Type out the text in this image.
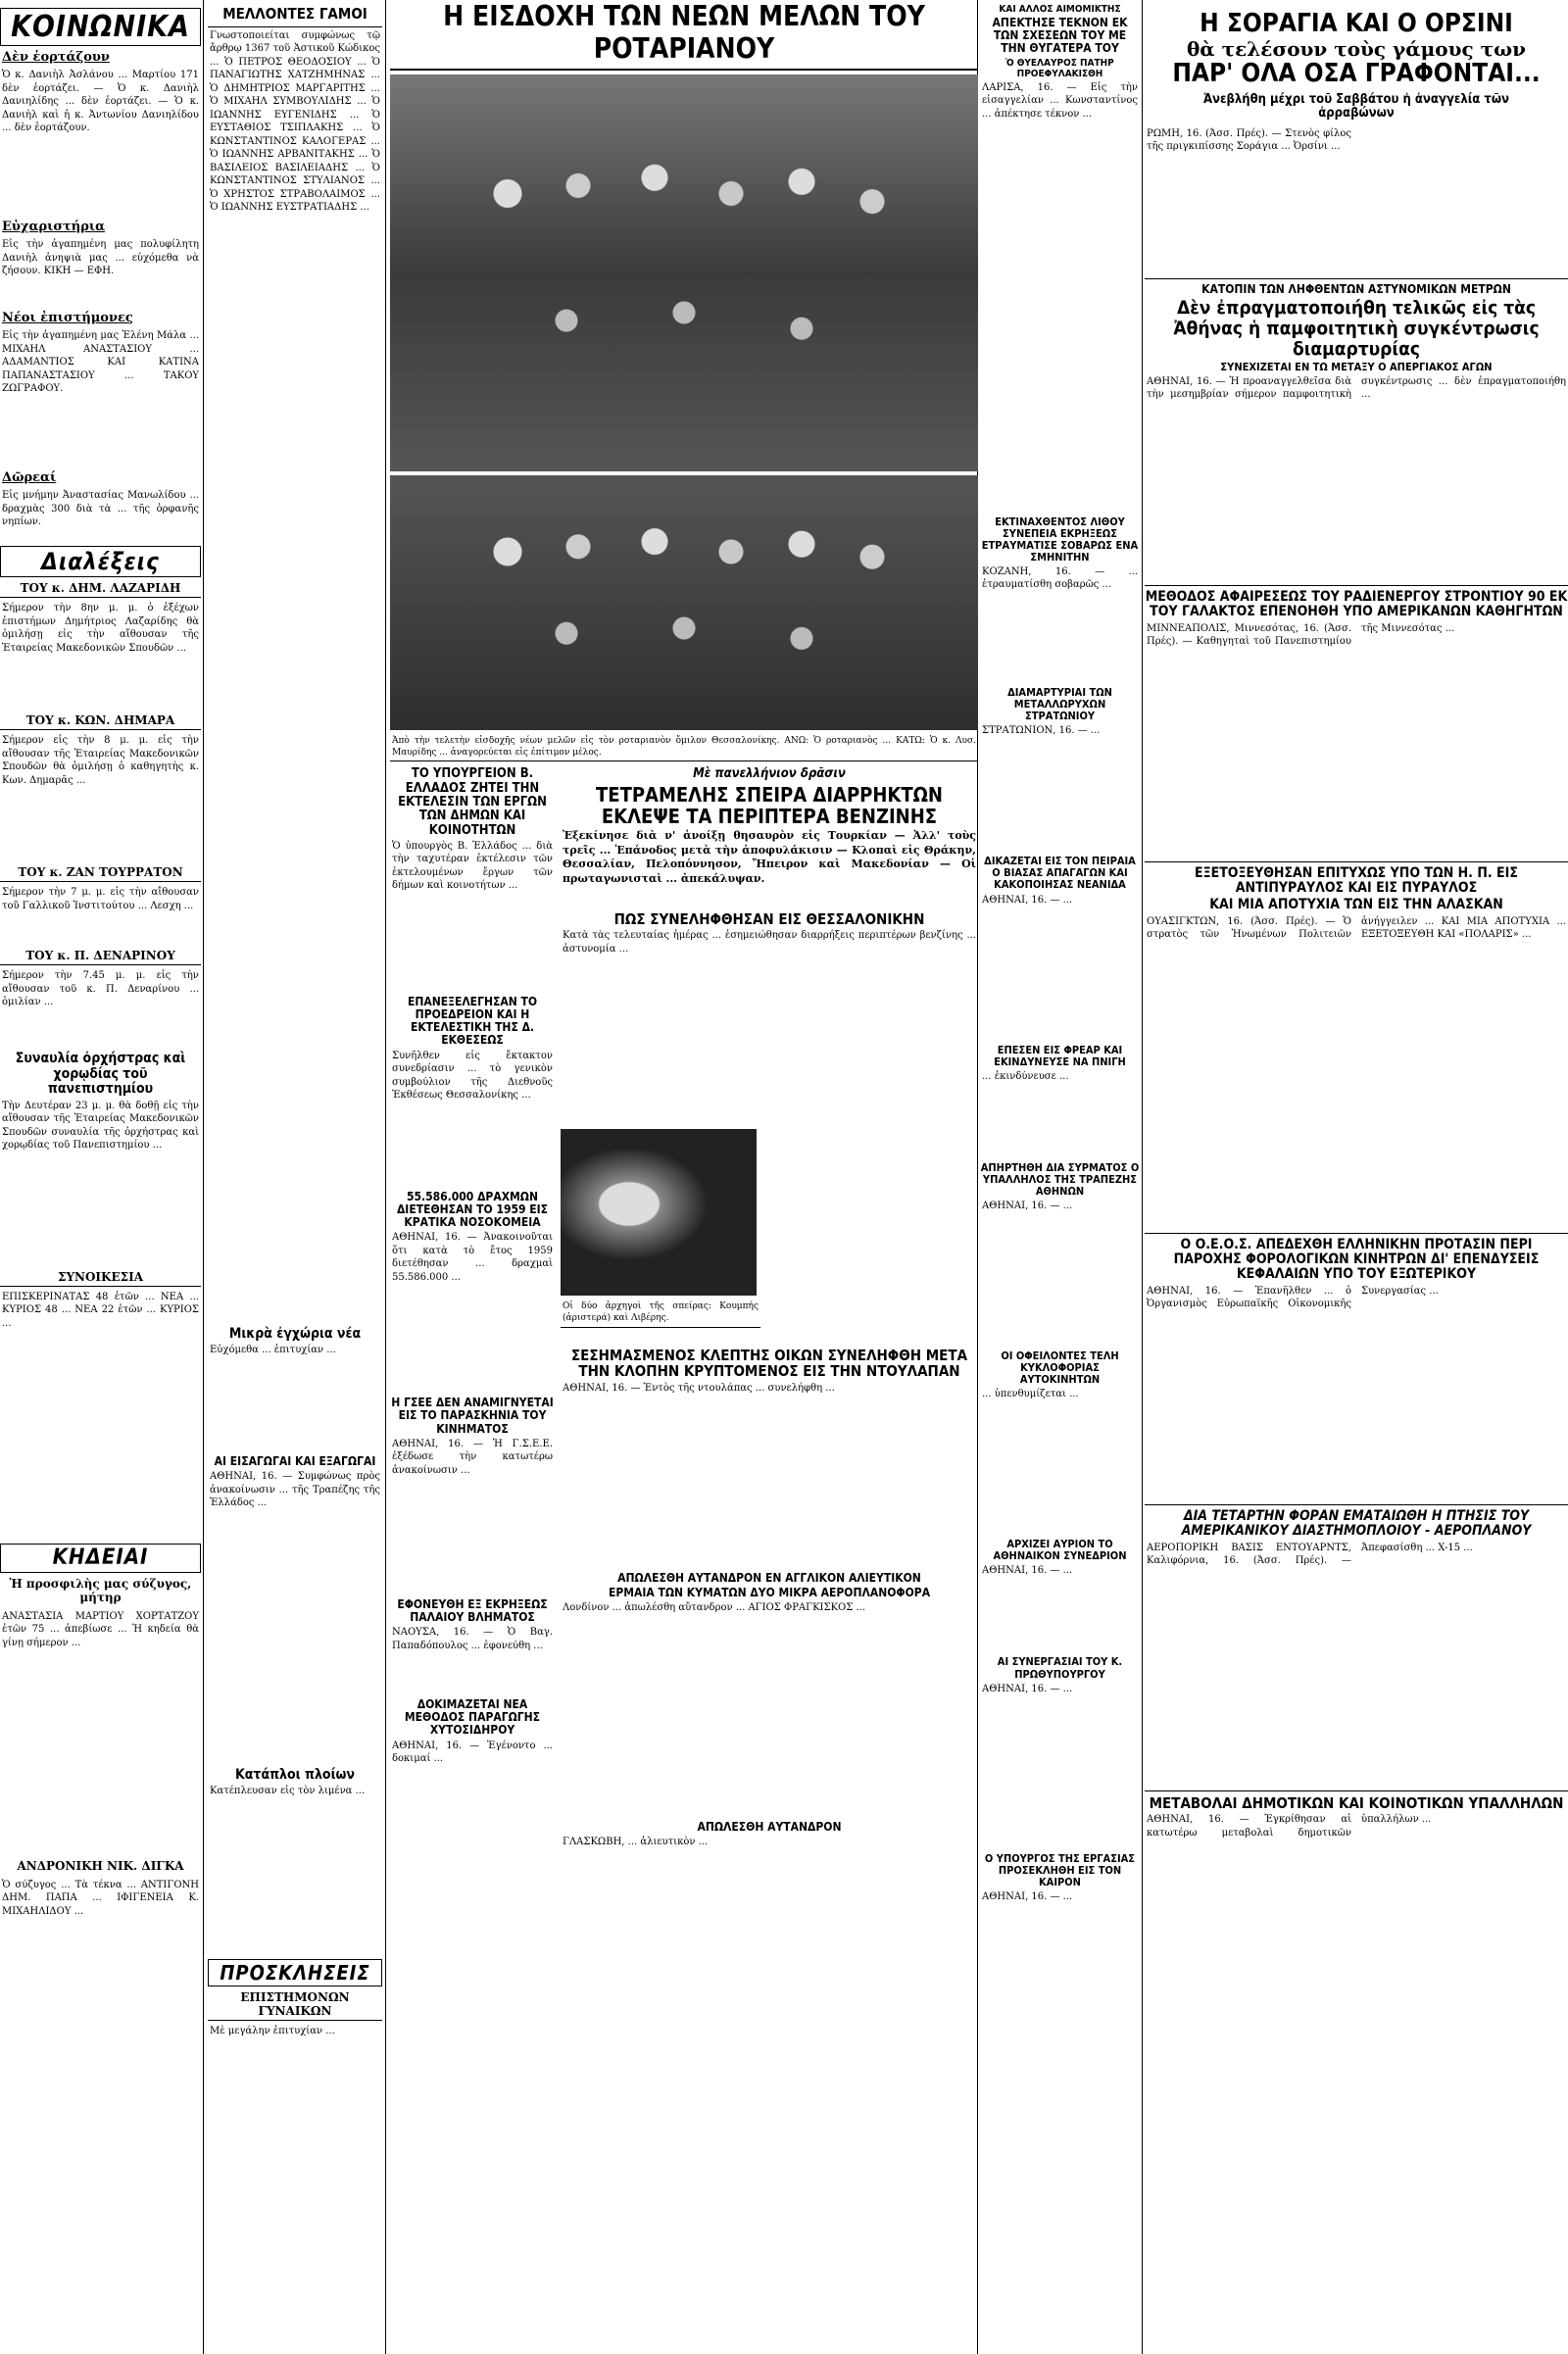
ΚΟΙΝΩΝΙΚΑ
Δὲν ἑορτάζουν

Ὁ κ. Δανιὴλ Ἀσλάνου ... Μαρτίου 171 δὲν ἑορτάζει. — Ὁ κ. Δανιὴλ Δανιηλίδης ... δὲν ἑορτάζει. — Ὁ κ. Δανιὴλ καὶ ἡ κ. Ἀντωνίου Δανιηλίδου ... δὲν ἑορτάζουν.

Εὐχαριστήρια

Εἰς τὴν ἀγαπημένη μας πολυφίλητη Δανιὴλ ἀνηψιὰ μας ... εὐχόμεθα νὰ ζήσουν. ΚΙΚΗ — ΕΦΗ.

Νέοι ἐπιστήμονες

Εἰς τὴν ἀγαπημένη μας Ἑλένη Μάλα ... ΜΙΧΑΗΛ ΑΝΑΣΤΑΣΙΟΥ ... ΑΔΑΜΑΝΤΙΟΣ ΚΑΙ ΚΑΤΙΝΑ ΠΑΠΑΝΑΣΤΑΣΙΟΥ ... ΤΑΚΟΥ ΖΩΓΡΑΦΟΥ.

Δῶρεαί

Εἰς μνήμην Ἀναστασίας Μανωλίδου ... δραχμὰς 300 διὰ τὰ ... τῆς ὀρφανῆς νηπίων.

Διαλέξεις
ΤΟΥ κ. ΔΗΜ. ΛΑΖΑΡΙΔΗ

Σήμερον τὴν 8ην μ. μ. ὁ ἐξέχων ἐπιστήμων Δημήτριος Λαζαρίδης θὰ ὁμιλήσῃ εἰς τὴν αἴθουσαν τῆς Ἑταιρείας Μακεδονικῶν Σπουδῶν ...

ΤΟΥ κ. ΚΩΝ. ΔΗΜΑΡΑ

Σήμερον εἰς τὴν 8 μ. μ. εἰς τὴν αἴθουσαν τῆς Ἑταιρείας Μακεδονικῶν Σπουδῶν θὰ ὁμιλήσῃ ὁ καθηγητὴς κ. Κων. Δημαρᾶς ...

ΤΟΥ κ. ΖΑΝ ΤΟΥΡΡΑΤΟΝ

Σήμερον τὴν 7 μ. μ. εἰς τὴν αἴθουσαν τοῦ Γαλλικοῦ Ἰνστιτούτου ... Λεσχη ...

ΤΟΥ κ. Π. ΔΕΝΑΡΙΝΟΥ

Σήμερον τὴν 7.45 μ. μ. εἰς τὴν αἴθουσαν τοῦ κ. Π. Δεναρίνου ... ὁμιλίαν ...

Συναυλία ὀρχήστρας καὶ χορῳδίας τοῦ πανεπιστημίου

Τὴν Δευτέραν 23 μ. μ. θὰ δοθῇ εἰς τὴν αἴθουσαν τῆς Ἑταιρείας Μακεδονικῶν Σπουδῶν συναυλία τῆς ὀρχήστρας καὶ χορῳδίας τοῦ Πανεπιστημίου ...

ΣΥΝΟΙΚΕΣΙΑ

ΕΠΙΣΚΕΡΙΝΑΤΑΣ 48 ἐτῶν ... ΝΕΑ ... ΚΥΡΙΟΣ 48 ... ΝΕΑ 22 ἐτῶν ... ΚΥΡΙΟΣ ...

ΚΗΔΕΙΑΙ
Ἡ προσφιλὴς μας σύζυγος, μήτηρ

ΑΝΑΣΤΑΣΙΑ ΜΑΡΤΙΟΥ ΧΟΡΤΑΤΖΟΥ ἐτῶν 75 ... ἀπεβίωσε ... Ἡ κηδεία θὰ γίνῃ σήμερον ...

ΑΝΔΡΟΝΙΚΗ ΝΙΚ. ΔΙΓΚΑ

Ὁ σύζυγος ... Τὰ τέκνα ... ΑΝΤΙΓΟΝΗ ΔΗΜ. ΠΑΠΑ ... ΙΦΙΓΕΝΕΙΑ Κ. ΜΙΧΑΗΛΙΔΟΥ ...

ΜΕΛΛΟΝΤΕΣ ΓΑΜΟΙ

Γνωστοποιείται συμφώνως τῷ ἄρθρῳ 1367 τοῦ Ἀστικοῦ Κώδικος ... Ὁ ΠΕΤΡΟΣ ΘΕΟΔΟΣΙΟΥ ... Ὁ ΠΑΝΑΓΙΩΤΗΣ ΧΑΤΖΗΜΗΝΑΣ ... Ὁ ΔΗΜΗΤΡΙΟΣ ΜΑΡΓΑΡΙΤΗΣ ... Ὁ ΜΙΧΑΗΛ ΣΥΜΒΟΥΛΙΔΗΣ ... Ὁ ΙΩΑΝΝΗΣ ΕΥΓΕΝΙΔΗΣ ... Ὁ ΕΥΣΤΑΘΙΟΣ ΤΣΙΠΛΑΚΗΣ ... Ὁ ΚΩΝΣΤΑΝΤΙΝΟΣ ΚΑΛΟΓΕΡΑΣ ... Ὁ ΙΩΑΝΝΗΣ ΑΡΒΑΝΙΤΑΚΗΣ ... Ὁ ΒΑΣΙΛΕΙΟΣ ΒΑΣΙΛΕΙΑΔΗΣ ... Ὁ ΚΩΝΣΤΑΝΤΙΝΟΣ ΣΤΥΛΙΑΝΟΣ ... Ὁ ΧΡΗΣΤΟΣ ΣΤΡΑΒΟΛΑΙΜΟΣ ... Ὁ ΙΩΑΝΝΗΣ ΕΥΣΤΡΑΤΙΑΔΗΣ ...

Μικρὰ ἐγχώρια νέα

Εὐχόμεθα ... ἐπιτυχίαν ...

ΑΙ ΕΙΣΑΓΩΓΑΙ ΚΑΙ ΕΞΑΓΩΓΑΙ

ΑΘΗΝΑΙ, 16. — Συμφώνως πρὸς ἀνακοίνωσιν ... τῆς Τραπέζης τῆς Ἑλλάδος ...

Κατάπλοι πλοίων

Κατέπλευσαν εἰς τὸν λιμένα ...

ΠΡΟΣΚΛΗΣΕΙΣ
ΕΠΙΣΤΗΜΟΝΩΝ ΓΥΝΑΙΚΩΝ

Μὲ μεγάλην ἐπιτυχίαν ...

Η ΕΙΣΔΟΧΗ ΤΩΝ ΝΕΩΝ ΜΕΛΩΝ ΤΟΥ ΡΟΤΑΡΙΑΝΟΥ
Ἀπὸ τὴν τελετὴν εἰσδοχῆς νέων μελῶν εἰς τὸν ροταριανὸν ὅμιλον Θεσσαλονίκης. ΑΝΩ: Ὁ ροταριανὸς ... ΚΑΤΩ: Ὁ κ. Λυσ. Μαυρίδης ... ἀναγορεύεται εἰς ἐπίτιμον μέλος.
ΤΟ ΥΠΟΥΡΓΕΙΟΝ Β. ΕΛΛΑΔΟΣ ΖΗΤΕΙ ΤΗΝ ΕΚΤΕΛΕΣΙΝ ΤΩΝ ΕΡΓΩΝ ΤΩΝ ΔΗΜΩΝ ΚΑΙ ΚΟΙΝΟΤΗΤΩΝ

Ὁ ὑπουργὸς Β. Ἑλλάδος ... διὰ τὴν ταχυτέραν ἐκτέλεσιν τῶν ἐκτελουμένων ἔργων τῶν δήμων καὶ κοινοτήτων ...

ΕΠΑΝΕΞΕΛΕΓΗΣΑΝ ΤΟ ΠΡΟΕΔΡΕΙΟΝ ΚΑΙ Η ΕΚΤΕΛΕΣΤΙΚΗ ΤΗΣ Δ. ΕΚΘΕΣΕΩΣ

Συνῆλθεν εἰς ἔκτακτον συνεδρίασιν ... τὸ γενικὸν συμβούλιον τῆς Διεθνοῦς Ἐκθέσεως Θεσσαλονίκης ...

55.586.000 ΔΡΑΧΜΩΝ ΔΙΕΤΕΘΗΣΑΝ ΤΟ 1959 ΕΙΣ ΚΡΑΤΙΚΑ ΝΟΣΟΚΟΜΕΙΑ

ΑΘΗΝΑΙ, 16. — Ἀνακοινοῦται ὅτι κατὰ τὸ ἔτος 1959 διετέθησαν ... δραχμαὶ 55.586.000 ...

Η ΓΣΕΕ ΔΕΝ ΑΝΑΜΙΓΝΥΕΤΑΙ ΕΙΣ ΤΟ ΠΑΡΑΣΚΗΝΙΑ ΤΟΥ ΚΙΝΗΜΑΤΟΣ

ΑΘΗΝΑΙ, 16. — Ἡ Γ.Σ.Ε.Ε. ἐξέδωσε τὴν κατωτέρω ἀνακοίνωσιν ...

ΕΦΟΝΕΥΘΗ ΕΞ ΕΚΡΗΞΕΩΣ ΠΑΛΑΙΟΥ ΒΛΗΜΑΤΟΣ

ΝΑΟΥΣΑ, 16. — Ὁ Βαγ. Παπαδόπουλος ... ἐφονεύθη ...

ΔΟΚΙΜΑΖΕΤΑΙ ΝΕΑ ΜΕΘΟΔΟΣ ΠΑΡΑΓΩΓΗΣ ΧΥΤΟΣΙΔΗΡΟΥ

ΑΘΗΝΑΙ, 16. — Ἐγένοντο ... δοκιμαί ...

Μὲ πανελλήνιον δρᾶσιν
ΤΕΤΡΑΜΕΛΗΣ ΣΠΕΙΡΑ ΔΙΑΡΡΗΚΤΩΝ ΕΚΛΕΨΕ ΤΑ ΠΕΡΙΠΤΕΡΑ ΒΕΝΖΙΝΗΣ

Ἐξεκίνησε διὰ ν' ἀνοίξῃ θησαυρὸν εἰς Τουρκίαν — Ἀλλ' τοὺς τρεῖς ... Ἐπάνοδος μετὰ τὴν ἀποφυλάκισιν — Κλοπαὶ εἰς Θράκην, Θεσσαλίαν, Πελοπόννησον, Ἤπειρον καὶ Μακεδονίαν — Οἱ πρωταγωνισταὶ ... ἀπεκάλυψαν.

ΠΩΣ ΣΥΝΕΛΗΦΘΗΣΑΝ ΕΙΣ ΘΕΣΣΑΛΟΝΙΚΗΝ

Κατὰ τὰς τελευταίας ἡμέρας ... ἐσημειώθησαν διαρρήξεις περιπτέρων βενζίνης ... ἀστυνομία ...

Οἱ δύο ἀρχηγοὶ τῆς σπείρας: Κουμπής (ἀριστερά) καὶ Λιβέρης.
ΣΕΣΗΜΑΣΜΕΝΟΣ ΚΛΕΠΤΗΣ ΟΙΚΩΝ ΣΥΝΕΛΗΦΘΗ ΜΕΤΑ ΤΗΝ ΚΛΟΠΗΝ ΚΡΥΠΤΟΜΕΝΟΣ ΕΙΣ ΤΗΝ ΝΤΟΥΛΑΠΑΝ

ΑΘΗΝΑΙ, 16. — Ἐντὸς τῆς ντουλάπας ... συνελήφθη ...

ΑΠΩΛΕΣΘΗ ΑΥΤΑΝΔΡΟΝ ΕΝ ΑΓΓΛΙΚΟΝ ΑΛΙΕΥΤΙΚΟΝ
ΕΡΜΑΙΑ ΤΩΝ ΚΥΜΑΤΩΝ ΔΥΟ ΜΙΚΡΑ ΑΕΡΟΠΛΑΝΟΦΟΡΑ

Λονδίνον ... ἀπωλέσθη αὔτανδρον ... ΑΓΙΟΣ ΦΡΑΓΚΙΣΚΟΣ ...

ΑΠΩΛΕΣΘΗ ΑΥΤΑΝΔΡΟΝ

ΓΛΑΣΚΩΒΗ, ... ἀλιευτικὸν ...

ΚΑΙ ΑΛΛΟΣ ΑΙΜΟΜΙΚΤΗΣ
ΑΠΕΚΤΗΣΕ ΤΕΚΝΟΝ ΕΚ ΤΩΝ ΣΧΕΣΕΩΝ ΤΟΥ ΜΕ ΤΗΝ ΘΥΓΑΤΕΡΑ ΤΟΥ
Ὁ ΘΥΕΛΑΥΡΟΣ ΠΑΤΗΡ ΠΡΟΕΦΥΛΑΚΙΣΘΗ

ΛΑΡΙΣΑ, 16. — Εἰς τὴν εἰσαγγελίαν ... Κωνσταντίνος ... ἀπέκτησε τέκνον ...

ΕΚΤΙΝΑΧΘΕΝΤΟΣ ΛΙΘΟΥ ΣΥΝΕΠΕΙΑ ΕΚΡΗΞΕΩΣ ΕΤΡΑΥΜΑΤΙΣΕ ΣΟΒΑΡΩΣ ΕΝΑ ΣΜΗΝΙΤΗΝ

ΚΟΖΑΝΗ, 16. — ... ἐτραυματίσθη σοβαρῶς ...

ΔΙΑΜΑΡΤΥΡΙΑΙ ΤΩΝ ΜΕΤΑΛΛΩΡΥΧΩΝ ΣΤΡΑΤΩΝΙΟΥ

ΣΤΡΑΤΩΝΙΟΝ, 16. — ...

ΔΙΚΑΖΕΤΑΙ ΕΙΣ ΤΟΝ ΠΕΙΡΑΙΑ Ο ΒΙΑΣΑΣ ΑΠΑΓΑΓΩΝ ΚΑΙ ΚΑΚΟΠΟΙΗΣΑΣ ΝΕΑΝΙΔΑ

ΑΘΗΝΑΙ, 16. — ...

ΕΠΕΣΕΝ ΕΙΣ ΦΡΕΑΡ ΚΑΙ ΕΚΙΝΔΥΝΕΥΣΕ ΝΑ ΠΝΙΓΗ

... ἐκινδύνευσε ...

ΑΠΗΡΤΗΘΗ ΔΙΑ ΣΥΡΜΑΤΟΣ Ο ΥΠΑΛΛΗΛΟΣ ΤΗΣ ΤΡΑΠΕΖΗΣ ΑΘΗΝΩΝ

ΑΘΗΝΑΙ, 16. — ...

ΟΙ ΟΦΕΙΛΟΝΤΕΣ ΤΕΛΗ ΚΥΚΛΟΦΟΡΙΑΣ ΑΥΤΟΚΙΝΗΤΩΝ

... ὑπενθυμίζεται ...

ΑΡΧΙΖΕΙ ΑΥΡΙΟΝ ΤΟ ΑΘΗΝΑΙΚΟΝ ΣΥΝΕΔΡΙΟΝ

ΑΘΗΝΑΙ, 16. — ...

ΑΙ ΣΥΝΕΡΓΑΣΙΑΙ ΤΟΥ Κ. ΠΡΩΘΥΠΟΥΡΓΟΥ

ΑΘΗΝΑΙ, 16. — ...

Ο ΥΠΟΥΡΓΟΣ ΤΗΣ ΕΡΓΑΣΙΑΣ ΠΡΟΣΕΚΛΗΘΗ ΕΙΣ ΤΟΝ ΚΑΙΡΟΝ

ΑΘΗΝΑΙ, 16. — ...

Η ΣΟΡΑΓΙΑ ΚΑΙ Ο ΟΡΣΙΝΙ
θὰ τελέσουν τοὺς γάμους των
ΠΑΡ' ΟΛΑ ΟΣΑ ΓΡΑΦΟΝΤΑΙ...
Ἀνεβλήθη μέχρι τοῦ Σαββάτου ἡ ἀναγγελία τῶν ἀρραβώνων

ΡΩΜΗ, 16. (Ἀσσ. Πρές). — Στενὸς φίλος τῆς πριγκιπίσσης Σοράγια ... Ὀρσίνι ...

ΚΑΤΟΠΙΝ ΤΩΝ ΛΗΦΘΕΝΤΩΝ ΑΣΤΥΝΟΜΙΚΩΝ ΜΕΤΡΩΝ
Δὲν ἐπραγματοποιήθη τελικῶς εἰς τὰς Ἀθήνας ἡ παμφοιτητικὴ συγκέντρωσις διαμαρτυρίας
ΣΥΝΕΧΙΖΕΤΑΙ ΕΝ ΤΩ ΜΕΤΑΞΥ Ο ΑΠΕΡΓΙΑΚΟΣ ΑΓΩΝ

ΑΘΗΝΑΙ, 16. — Ἡ προαναγγελθεῖσα διὰ τὴν μεσημβρίαν σήμερον παμφοιτητικὴ συγκέντρωσις ... δὲν ἐπραγματοποιήθη ...

ΜΕΘΟΔΟΣ ΑΦΑΙΡΕΣΕΩΣ ΤΟΥ ΡΑΔΙΕΝΕΡΓΟΥ ΣΤΡΟΝΤΙΟΥ 90 ΕΚ ΤΟΥ ΓΑΛΑΚΤΟΣ ΕΠΕΝΟΗΘΗ ΥΠΟ ΑΜΕΡΙΚΑΝΩΝ ΚΑΘΗΓΗΤΩΝ

ΜΙΝΝΕΑΠΟΛΙΣ, Μιννεσότας, 16. (Ἀσσ. Πρές). — Καθηγηταὶ τοῦ Πανεπιστημίου τῆς Μιννεσότας ...

ΕΞΕΤΟΞΕΥΘΗΣΑΝ ΕΠΙΤΥΧΩΣ ΥΠΟ ΤΩΝ Η. Π. ΕΙΣ ΑΝΤΙΠΥΡΑΥΛΟΣ ΚΑΙ ΕΙΣ ΠΥΡΑΥΛΟΣ
ΚΑΙ ΜΙΑ ΑΠΟΤΥΧΙΑ ΤΩΝ ΕΙΣ ΤΗΝ ΑΛΑΣΚΑΝ

ΟΥΑΣΙΓΚΤΩΝ, 16. (Ἀσσ. Πρές). — Ὁ στρατὸς τῶν Ἡνωμένων Πολιτειῶν ἀνήγγειλεν ... ΚΑΙ ΜΙΑ ΑΠΟΤΥΧΙΑ ... ΕΞΕΤΟΞΕΥΘΗ ΚΑΙ «ΠΟΛΑΡΙΣ» ...

Ο Ο.Ε.Ο.Σ. ΑΠΕΔΕΧΘΗ ΕΛΛΗΝΙΚΗΝ ΠΡΟΤΑΣΙΝ ΠΕΡΙ ΠΑΡΟΧΗΣ ΦΟΡΟΛΟΓΙΚΩΝ ΚΙΝΗΤΡΩΝ ΔΙ' ΕΠΕΝΔΥΣΕΙΣ ΚΕΦΑΛΑΙΩΝ ΥΠΟ ΤΟΥ ΕΞΩΤΕΡΙΚΟΥ

ΑΘΗΝΑΙ, 16. — Ἐπανῆλθεν ... ὁ Ὀργανισμὸς Εὐρωπαϊκῆς Οἰκονομικῆς Συνεργασίας ...

ΔΙΑ ΤΕΤΑΡΤΗΝ ΦΟΡΑΝ ΕΜΑΤΑΙΩΘΗ Η ΠΤΗΣΙΣ ΤΟΥ ΑΜΕΡΙΚΑΝΙΚΟΥ ΔΙΑΣΤΗΜΟΠΛΟΙΟΥ - ΑΕΡΟΠΛΑΝΟΥ

ΑΕΡΟΠΟΡΙΚΗ ΒΑΣΙΣ ΕΝΤΟΥΑΡΝΤΣ, Καλιφόρνια, 16. (Ἀσσ. Πρές). — Ἀπεφασίσθη ... X-15 ...

ΜΕΤΑΒΟΛΑΙ ΔΗΜΟΤΙΚΩΝ ΚΑΙ ΚΟΙΝΟΤΙΚΩΝ ΥΠΑΛΛΗΛΩΝ

ΑΘΗΝΑΙ, 16. — Ἐγκρίθησαν αἱ κατωτέρω μεταβολαὶ δημοτικῶν ὑπαλλήλων ...
